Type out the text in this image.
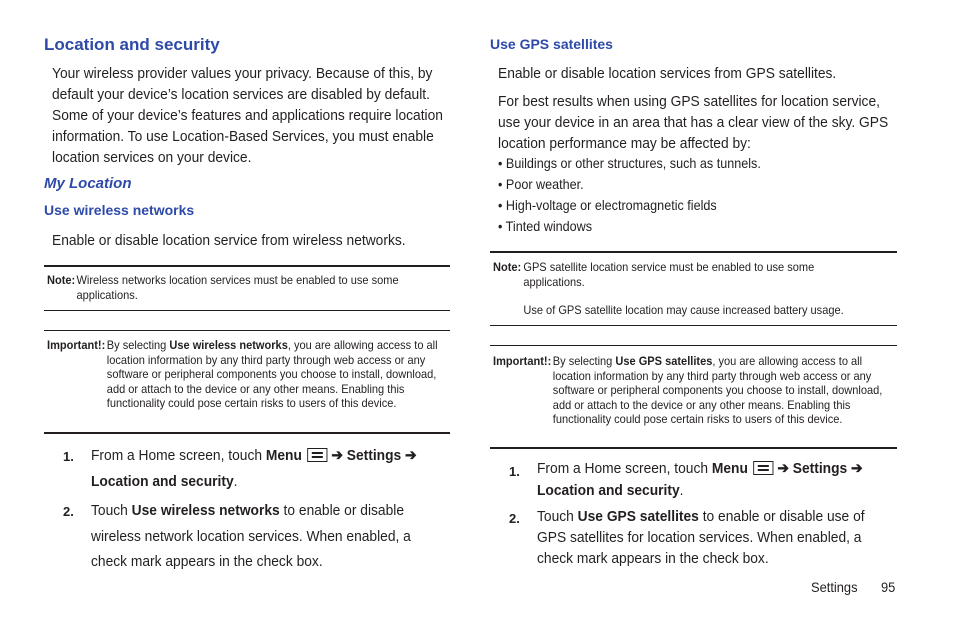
Location and security
Your wireless provider values your privacy. Because of this, by default your device’s location services are disabled by default. Some of your device’s features and applications require location information. To use Location-Based Services, you must enable location services on your device.
My Location
Use wireless networks
Enable or disable location service from wireless networks.
Note: Wireless networks location services must be enabled to use some applications.
Important!: By selecting Use wireless networks, you are allowing access to all location information by any third party through web access or any software or peripheral components you choose to install, download, add or attach to the device or any other means. Enabling this functionality could pose certain risks to users of this device.
1. From a Home screen, touch Menu ➔ Settings ➔
Location and security.
2. Touch Use wireless networks to enable or disable wireless network location services. When enabled, a check mark appears in the check box.
Use GPS satellites
Enable or disable location services from GPS satellites.
For best results when using GPS satellites for location service, use your device in an area that has a clear view of the sky. GPS location performance may be affected by:
• Buildings or other structures, such as tunnels.
• Poor weather.
• High-voltage or electromagnetic fields
• Tinted windows
Note: GPS satellite location service must be enabled to use some applications.
Use of GPS satellite location may cause increased battery usage.
Important!: By selecting Use GPS satellites, you are allowing access to all location information by any third party through web access or any software or peripheral components you choose to install, download, add or attach to the device or any other means. Enabling this functionality could pose certain risks to users of this device.
1. From a Home screen, touch Menu ➔ Settings ➔
Location and security.
2. Touch Use GPS satellites to enable or disable use of GPS satellites for location services. When enabled, a check mark appears in the check box.
Settings 95
